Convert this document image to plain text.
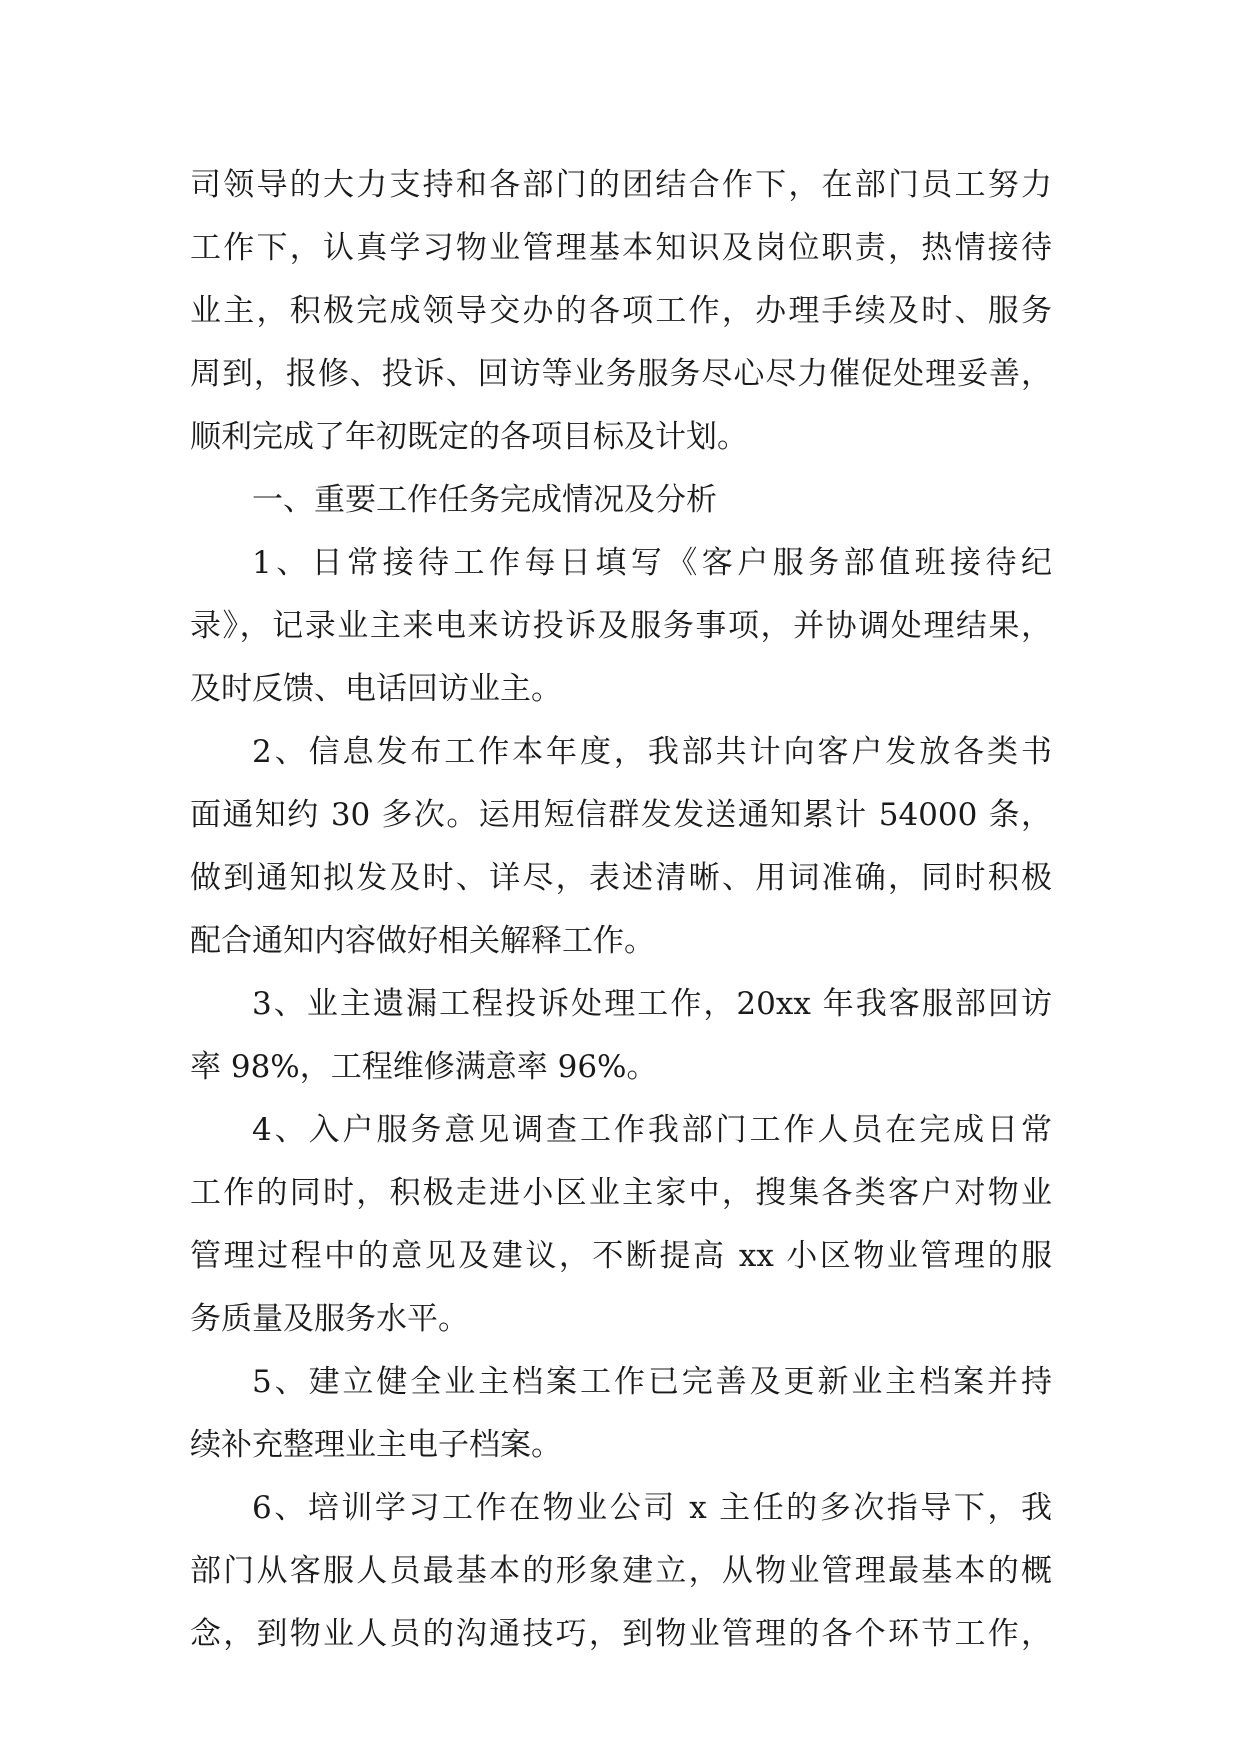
司领导的大力支持和各部门的团结合作下，在部门员工努力
工作下，认真学习物业管理基本知识及岗位职责，热情接待
业主，积极完成领导交办的各项工作，办理手续及时、服务
周到，报修、投诉、回访等业务服务尽心尽力催促处理妥善，
顺利完成了年初既定的各项目标及计划。
一、重要工作任务完成情况及分析
1、日常接待工作每日填写《客户服务部值班接待纪
录》，记录业主来电来访投诉及服务事项，并协调处理结果，
及时反馈、电话回访业主。
2、信息发布工作本年度，我部共计向客户发放各类书
面通知约 30 多次。运用短信群发发送通知累计 54000 条，
做到通知拟发及时、详尽，表述清晰、用词准确，同时积极
配合通知内容做好相关解释工作。
3、业主遗漏工程投诉处理工作，20xx 年我客服部回访
率 98%，工程维修满意率 96%。
4、入户服务意见调查工作我部门工作人员在完成日常
工作的同时，积极走进小区业主家中，搜集各类客户对物业
管理过程中的意见及建议，不断提高 xx 小区物业管理的服
务质量及服务水平。
5、建立健全业主档案工作已完善及更新业主档案并持
续补充整理业主电子档案。
6、培训学习工作在物业公司 x 主任的多次指导下，我
部门从客服人员最基本的形象建立，从物业管理最基本的概
念，到物业人员的沟通技巧，到物业管理的各个环节工作，
